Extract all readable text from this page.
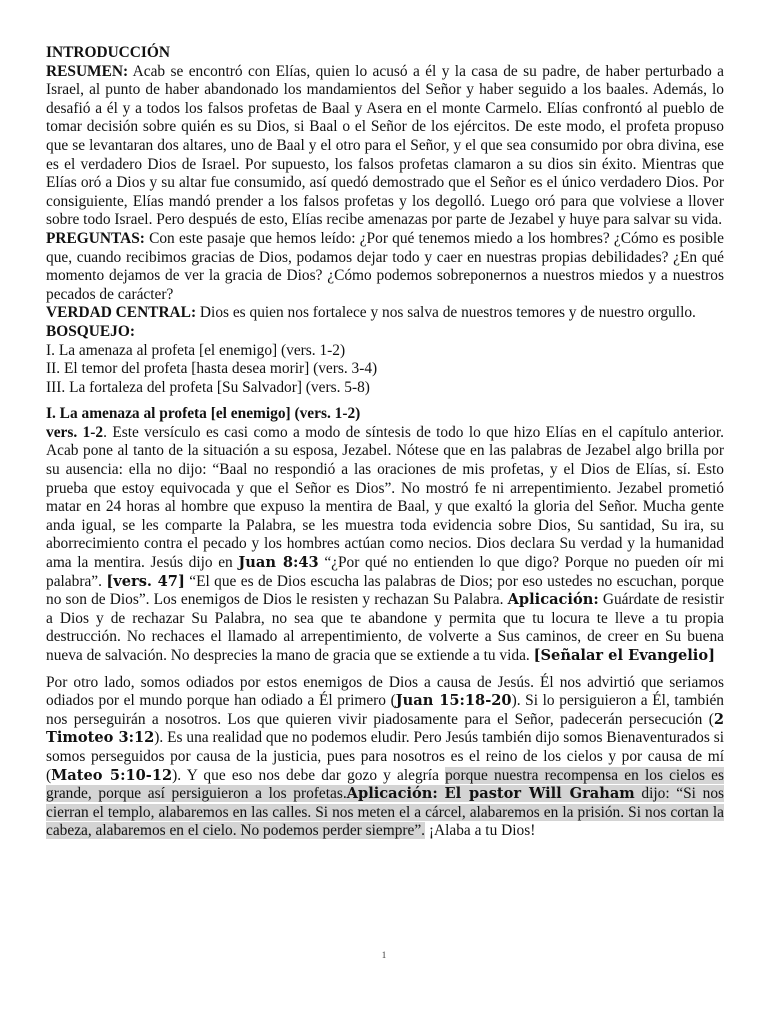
INTRODUCCIÓN

RESUMEN: Acab se encontró con Elías, quien lo acusó a él y la casa de su padre, de haber perturbado a Israel, al punto de haber abandonado los mandamientos del Señor y haber seguido a los baales. Además, lo desafió a él y a todos los falsos profetas de Baal y Asera en el monte Carmelo. Elías confrontó al pueblo de tomar decisión sobre quién es su Dios, si Baal o el Señor de los ejércitos. De este modo, el profeta propuso que se levantaran dos altares, uno de Baal y el otro para el Señor, y el que sea consumido por obra divina, ese es el verdadero Dios de Israel. Por supuesto, los falsos profetas clamaron a su dios sin éxito. Mientras que Elías oró a Dios y su altar fue consumido, así quedó demostrado que el Señor es el único verdadero Dios. Por consiguiente, Elías mandó prender a los falsos profetas y los degolló. Luego oró para que volviese a llover sobre todo Israel. Pero después de esto, Elías recibe amenazas por parte de Jezabel y huye para salvar su vida.

PREGUNTAS: Con este pasaje que hemos leído: ¿Por qué tenemos miedo a los hombres? ¿Cómo es posible que, cuando recibimos gracias de Dios, podamos dejar todo y caer en nuestras propias debilidades? ¿En qué momento dejamos de ver la gracia de Dios? ¿Cómo podemos sobreponernos a nuestros miedos y a nuestros pecados de carácter?

VERDAD CENTRAL: Dios es quien nos fortalece y nos salva de nuestros temores y de nuestro orgullo.

BOSQUEJO:

I. La amenaza al profeta [el enemigo] (vers. 1-2)

II. El temor del profeta [hasta desea morir] (vers. 3-4)

III. La fortaleza del profeta [Su Salvador] (vers. 5-8)

I. La amenaza al profeta [el enemigo] (vers. 1-2)

vers. 1-2. Este versículo es casi como a modo de síntesis de todo lo que hizo Elías en el capítulo anterior. Acab pone al tanto de la situación a su esposa, Jezabel. Nótese que en las palabras de Jezabel algo brilla por su ausencia: ella no dijo: “Baal no respondió a las oraciones de mis profetas, y el Dios de Elías, sí. Esto prueba que estoy equivocada y que el Señor es Dios”. No mostró fe ni arrepentimiento. Jezabel prometió matar en 24 horas al hombre que expuso la mentira de Baal, y que exaltó la gloria del Señor. Mucha gente anda igual, se les comparte la Palabra, se les muestra toda evidencia sobre Dios, Su santidad, Su ira, su aborrecimiento contra el pecado y los hombres actúan como necios. Dios declara Su verdad y la humanidad ama la mentira. Jesús dijo en Juan 8:43 “¿Por qué no entienden lo que digo? Porque no pueden oír mi palabra”. [vers. 47] “El que es de Dios escucha las palabras de Dios; por eso ustedes no escuchan, porque no son de Dios”. Los enemigos de Dios le resisten y rechazan Su Palabra. Aplicación: Guárdate de resistir a Dios y de rechazar Su Palabra, no sea que te abandone y permita que tu locura te lleve a tu propia destrucción. No rechaces el llamado al arrepentimiento, de volverte a Sus caminos, de creer en Su buena nueva de salvación. No desprecies la mano de gracia que se extiende a tu vida. [Señalar el Evangelio]

Por otro lado, somos odiados por estos enemigos de Dios a causa de Jesús. Él nos advirtió que seriamos odiados por el mundo porque han odiado a Él primero (Juan 15:18-20). Si lo persiguieron a Él, también nos perseguirán a nosotros. Los que quieren vivir piadosamente para el Señor, padecerán persecución (2 Timoteo 3:12). Es una realidad que no podemos eludir. Pero Jesús también dijo somos Bienaventurados si somos perseguidos por causa de la justicia, pues para nosotros es el reino de los cielos y por causa de mí (Mateo 5:10-12). Y que eso nos debe dar gozo y alegría porque nuestra recompensa en los cielos es grande, porque así persiguieron a los profetas.Aplicación: El pastor Will Graham dijo: “Si nos cierran el templo, alabaremos en las calles. Si nos meten el a cárcel, alabaremos en la prisión. Si nos cortan la cabeza, alabaremos en el cielo. No podemos perder siempre”. ¡Alaba a tu Dios!

1
